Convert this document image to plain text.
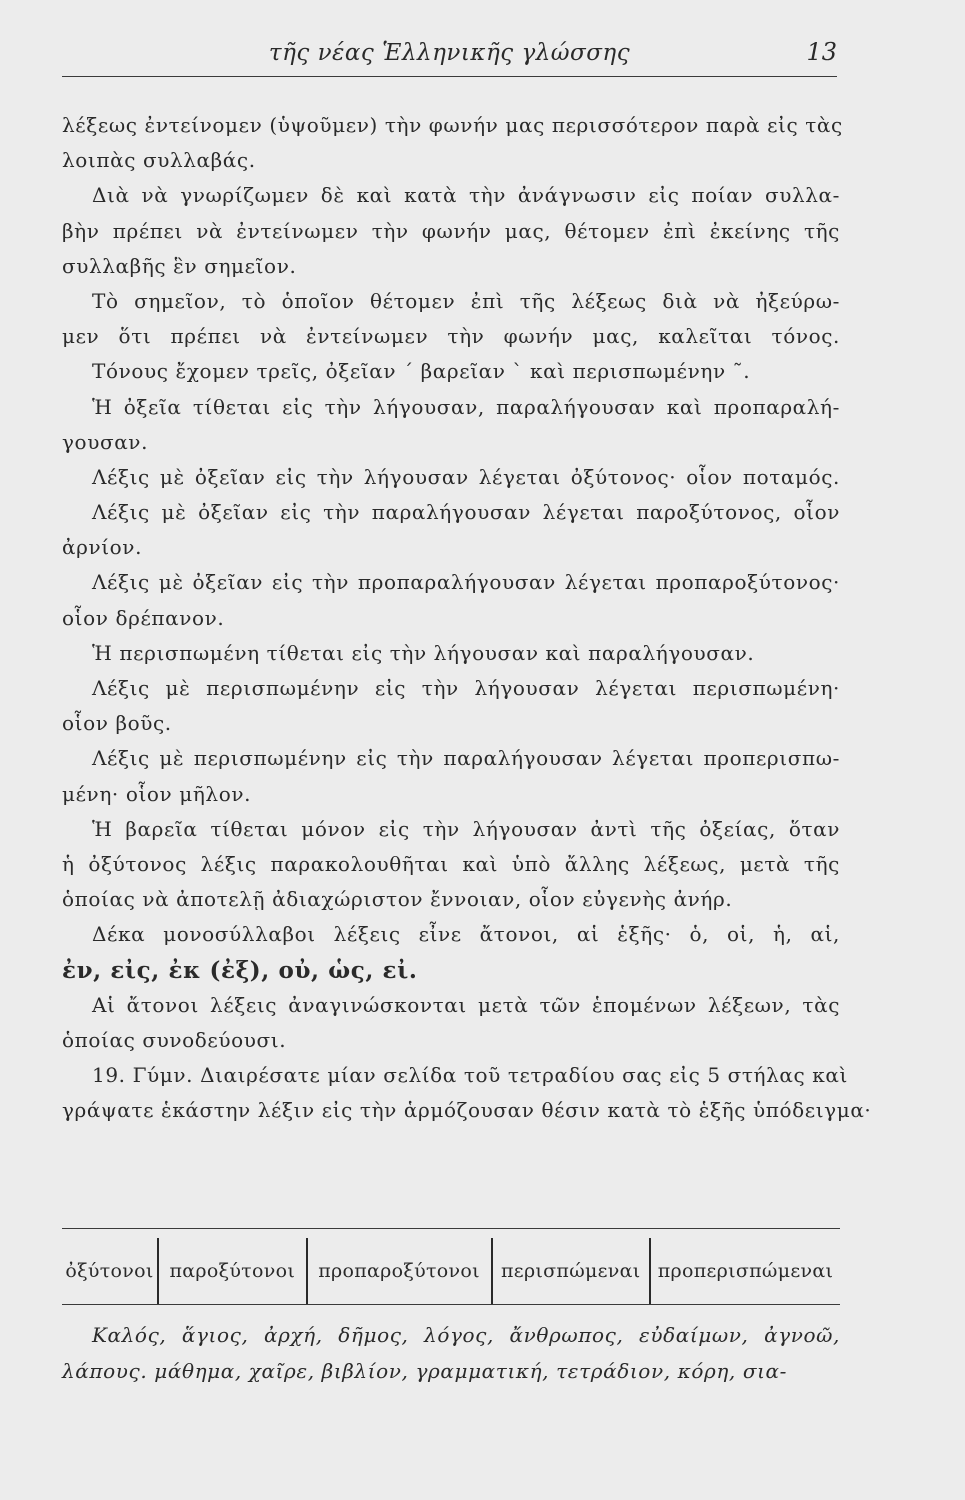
τῆς νέας Ἑλληνικῆς γλώσσης	13
λέξεως ἐντείνομεν (ὑψοῦμεν) τὴν φωνήν μας περισσότερον παρὰ εἰς τὰς
λοιπὰς συλλαβάς.
Διὰ νὰ γνωρίζωμεν δὲ καὶ κατὰ τὴν ἀνάγνωσιν εἰς ποίαν συλλα-
βὴν πρέπει νὰ ἐντείνωμεν τὴν φωνήν μας, θέτομεν ἐπὶ ἐκείνης τῆς
συλλαβῆς ἓν σημεῖον.
Τὸ σημεῖον, τὸ ὁποῖον θέτομεν ἐπὶ τῆς λέξεως διὰ νὰ ἠξεύρω-
μεν ὅτι πρέπει νὰ ἐντείνωμεν τὴν φωνήν μας, καλεῖται τόνος.
Τόνους ἔχομεν τρεῖς, ὀξεῖαν ´ βαρεῖαν ` καὶ περισπωμένην ῀.
Ἡ ὀξεῖα τίθεται εἰς τὴν λήγουσαν, παραλήγουσαν καὶ προπαραλή-
γουσαν.
Λέξις μὲ ὀξεῖαν εἰς τὴν λήγουσαν λέγεται ὀξύτονος· οἷον ποταμός.
Λέξις μὲ ὀξεῖαν εἰς τὴν παραλήγουσαν λέγεται παροξύτονος, οἷον
ἀρνίον.
Λέξις μὲ ὀξεῖαν εἰς τὴν προπαραλήγουσαν λέγεται προπαροξύτονος·
οἷον δρέπανον.
Ἡ περισπωμένη τίθεται εἰς τὴν λήγουσαν καὶ παραλήγουσαν.
Λέξις μὲ περισπωμένην εἰς τὴν λήγουσαν λέγεται περισπωμένη·
οἷον βοῦς.
Λέξις μὲ περισπωμένην εἰς τὴν παραλήγουσαν λέγεται προπερισπω-
μένη· οἷον μῆλον.
Ἡ βαρεῖα τίθεται μόνον εἰς τὴν λήγουσαν ἀντὶ τῆς ὀξείας, ὅταν
ἡ ὀξύτονος λέξις παρακολουθῆται καὶ ὑπὸ ἄλλης λέξεως, μετὰ τῆς
ὁποίας νὰ ἀποτελῇ ἀδιαχώριστον ἔννοιαν, οἷον εὐγενὴς ἀνήρ.
Δέκα μονοσύλλαβοι λέξεις εἶνε ἄτονοι, αἱ ἑξῆς· ὁ, οἱ, ἡ, αἱ,
ἐν, εἰς, ἐκ (ἐξ), οὐ, ὡς, εἰ.
Αἱ ἄτονοι λέξεις ἀναγινώσκονται μετὰ τῶν ἑπομένων λέξεων, τὰς
ὁποίας συνοδεύουσι.
19. Γύμν. Διαιρέσατε μίαν σελίδα τοῦ τετραδίου σας εἰς 5 στήλας καὶ
γράψατε ἑκάστην λέξιν εἰς τὴν ἁρμόζουσαν θέσιν κατὰ τὸ ἑξῆς ὑπόδειγμα·
ὀξύτονοι παροξύτονοι	προπαροξύτονοι	περισπώμεναι προπερισπώμεναι
Καλός, ἅγιος, ἀρχή, δῆμος, λόγος, ἄνθρωπος, εὐδαίμων, ἀγνοῶ,
λάπους. μάθημα, χαῖρε, βιβλίον, γραμματική, τετράδιον, κόρη, σια-
